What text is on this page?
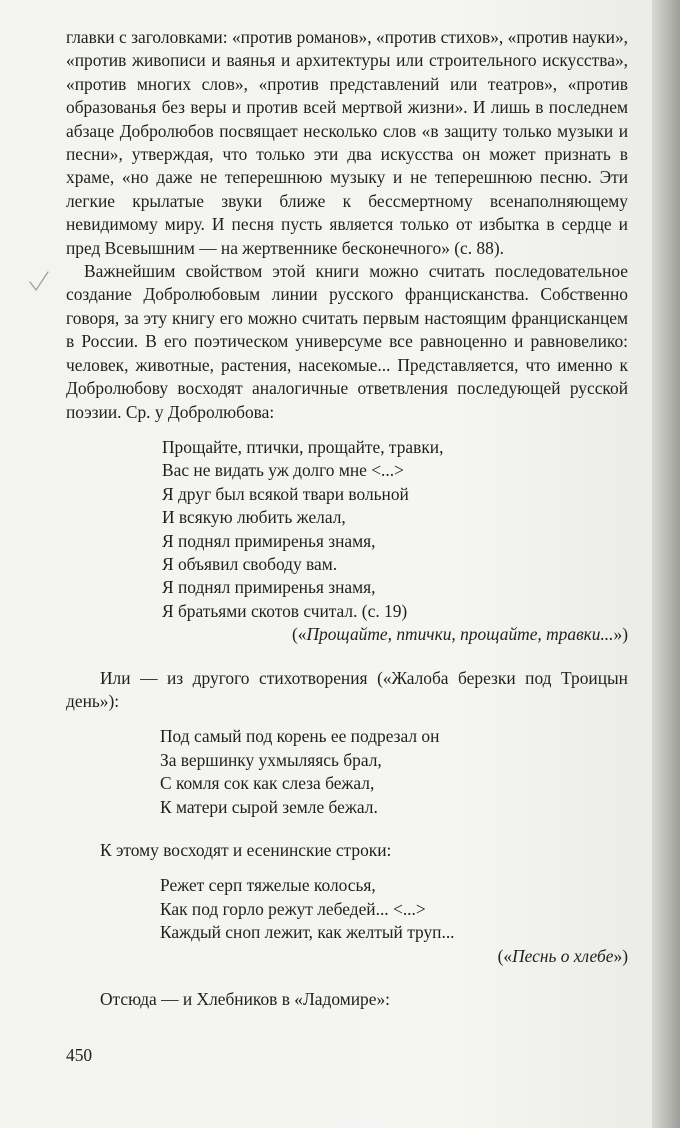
главки с заголовками: «против романов», «против стихов», «против науки», «против живописи и ваянья и архитектуры или строительного искусства», «против многих слов», «против представлений или театров», «против образованья без веры и против всей мертвой жизни». И лишь в последнем абзаце Добролюбов посвящает несколько слов «в защиту только музыки и песни», утверждая, что только эти два искусства он может признать в храме, «но даже не теперешнюю музыку и не теперешнюю песню. Эти легкие крылатые звуки ближе к бессмертному всенаполняющему невидимому миру. И песня пусть является только от избытка в сердце и пред Всевышним — на жертвеннике бесконечного» (с. 88).

Важнейшим свойством этой книги можно считать последовательное создание Добролюбовым линии русского францисканства. Собственно говоря, за эту книгу его можно считать первым настоящим францисканцем в России. В его поэтическом универсуме все равноценно и равновелико: человек, животные, растения, насекомые... Представляется, что именно к Добролюбову восходят аналогичные ответвления последующей русской поэзии. Ср. у Добролюбова:

Прощайте, птички, прощайте, травки,
Вас не видать уж долго мне <...>
Я друг был всякой твари вольной
И всякую любить желал,
Я поднял примиренья знамя,
Я объявил свободу вам.
Я поднял примиренья знамя,
Я братьями скотов считал. (с. 19)

(«Прощайте, птички, прощайте, травки...»)

Или — из другого стихотворения («Жалоба березки под Троицын день»):

Под самый под корень ее подрезал он
За вершинку ухмыляясь брал,
С комля сок как слеза бежал,
К матери сырой земле бежал.

К этому восходят и есенинские строки:

Режет серп тяжелые колосья,
Как под горло режут лебедей... <...>
Каждый сноп лежит, как желтый труп...

(«Песнь о хлебе»)

Отсюда — и Хлебников в «Ладомире»:

450
